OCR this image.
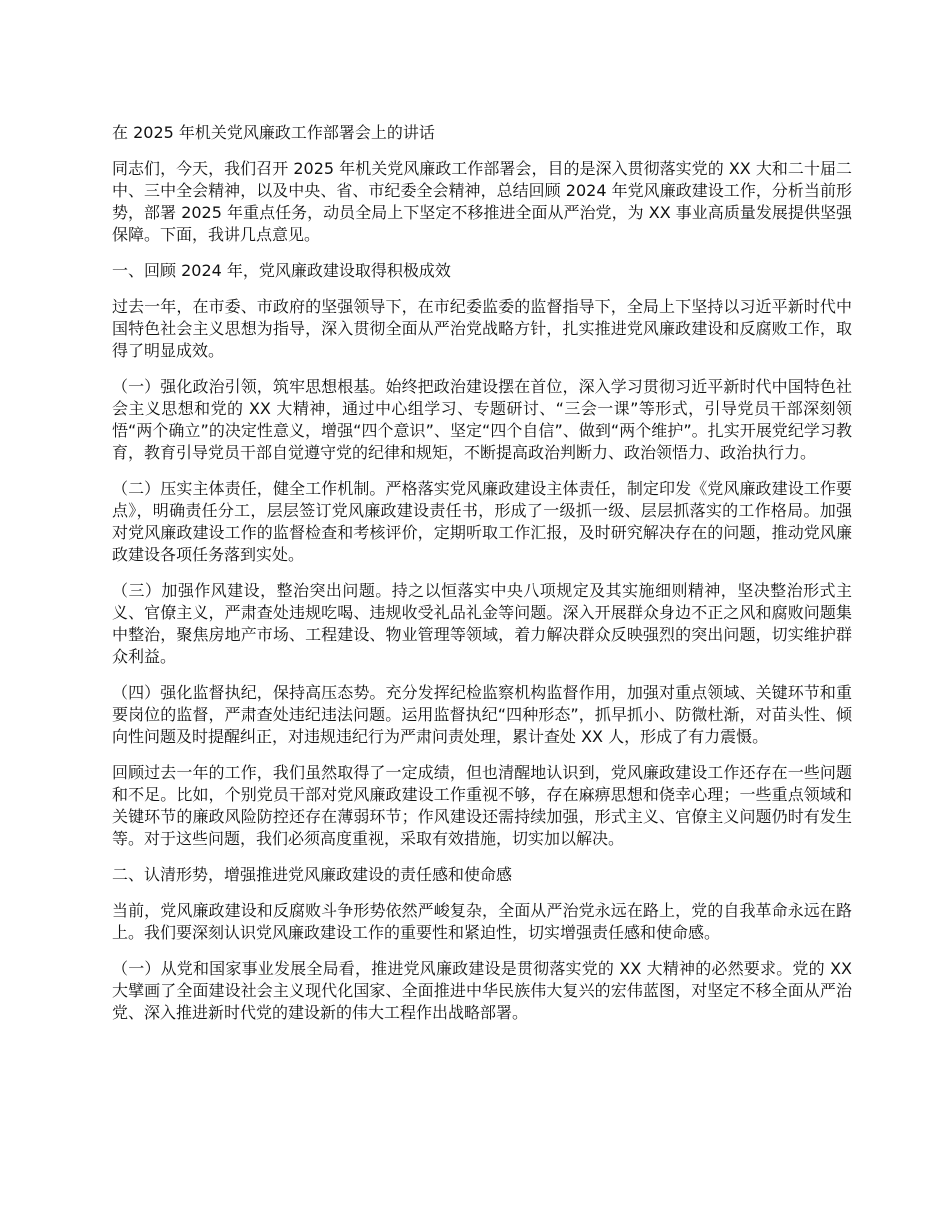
在 2025 年机关党风廉政工作部署会上的讲话

同志们，今天，我们召开 2025 年机关党风廉政工作部署会，目的是深入贯彻落实党的 XX 大和二十届二中、三中全会精神，以及中央、省、市纪委全会精神，总结回顾 2024 年党风廉政建设工作，分析当前形势，部署 2025 年重点任务，动员全局上下坚定不移推进全面从严治党，为 XX 事业高质量发展提供坚强保障。下面，我讲几点意见。

一、回顾 2024 年，党风廉政建设取得积极成效

过去一年，在市委、市政府的坚强领导下，在市纪委监委的监督指导下，全局上下坚持以习近平新时代中国特色社会主义思想为指导，深入贯彻全面从严治党战略方针，扎实推进党风廉政建设和反腐败工作，取得了明显成效。

（一）强化政治引领，筑牢思想根基。始终把政治建设摆在首位，深入学习贯彻习近平新时代中国特色社会主义思想和党的 XX 大精神，通过中心组学习、专题研讨、“三会一课”等形式，引导党员干部深刻领悟“两个确立”的决定性意义，增强“四个意识”、坚定“四个自信”、做到“两个维护”。扎实开展党纪学习教育，教育引导党员干部自觉遵守党的纪律和规矩，不断提高政治判断力、政治领悟力、政治执行力。

（二）压实主体责任，健全工作机制。严格落实党风廉政建设主体责任，制定印发《党风廉政建设工作要点》，明确责任分工，层层签订党风廉政建设责任书，形成了一级抓一级、层层抓落实的工作格局。加强对党风廉政建设工作的监督检查和考核评价，定期听取工作汇报，及时研究解决存在的问题，推动党风廉政建设各项任务落到实处。

（三）加强作风建设，整治突出问题。持之以恒落实中央八项规定及其实施细则精神，坚决整治形式主义、官僚主义，严肃查处违规吃喝、违规收受礼品礼金等问题。深入开展群众身边不正之风和腐败问题集中整治，聚焦房地产市场、工程建设、物业管理等领域，着力解决群众反映强烈的突出问题，切实维护群众利益。

（四）强化监督执纪，保持高压态势。充分发挥纪检监察机构监督作用，加强对重点领域、关键环节和重要岗位的监督，严肃查处违纪违法问题。运用监督执纪“四种形态”，抓早抓小、防微杜渐，对苗头性、倾向性问题及时提醒纠正，对违规违纪行为严肃问责处理，累计查处 XX 人，形成了有力震慑。

回顾过去一年的工作，我们虽然取得了一定成绩，但也清醒地认识到，党风廉政建设工作还存在一些问题和不足。比如，个别党员干部对党风廉政建设工作重视不够，存在麻痹思想和侥幸心理；一些重点领域和关键环节的廉政风险防控还存在薄弱环节；作风建设还需持续加强，形式主义、官僚主义问题仍时有发生等。对于这些问题，我们必须高度重视，采取有效措施，切实加以解决。

二、认清形势，增强推进党风廉政建设的责任感和使命感

当前，党风廉政建设和反腐败斗争形势依然严峻复杂，全面从严治党永远在路上，党的自我革命永远在路上。我们要深刻认识党风廉政建设工作的重要性和紧迫性，切实增强责任感和使命感。

（一）从党和国家事业发展全局看，推进党风廉政建设是贯彻落实党的 XX 大精神的必然要求。党的 XX 大擘画了全面建设社会主义现代化国家、全面推进中华民族伟大复兴的宏伟蓝图，对坚定不移全面从严治党、深入推进新时代党的建设新的伟大工程作出战略部署。
